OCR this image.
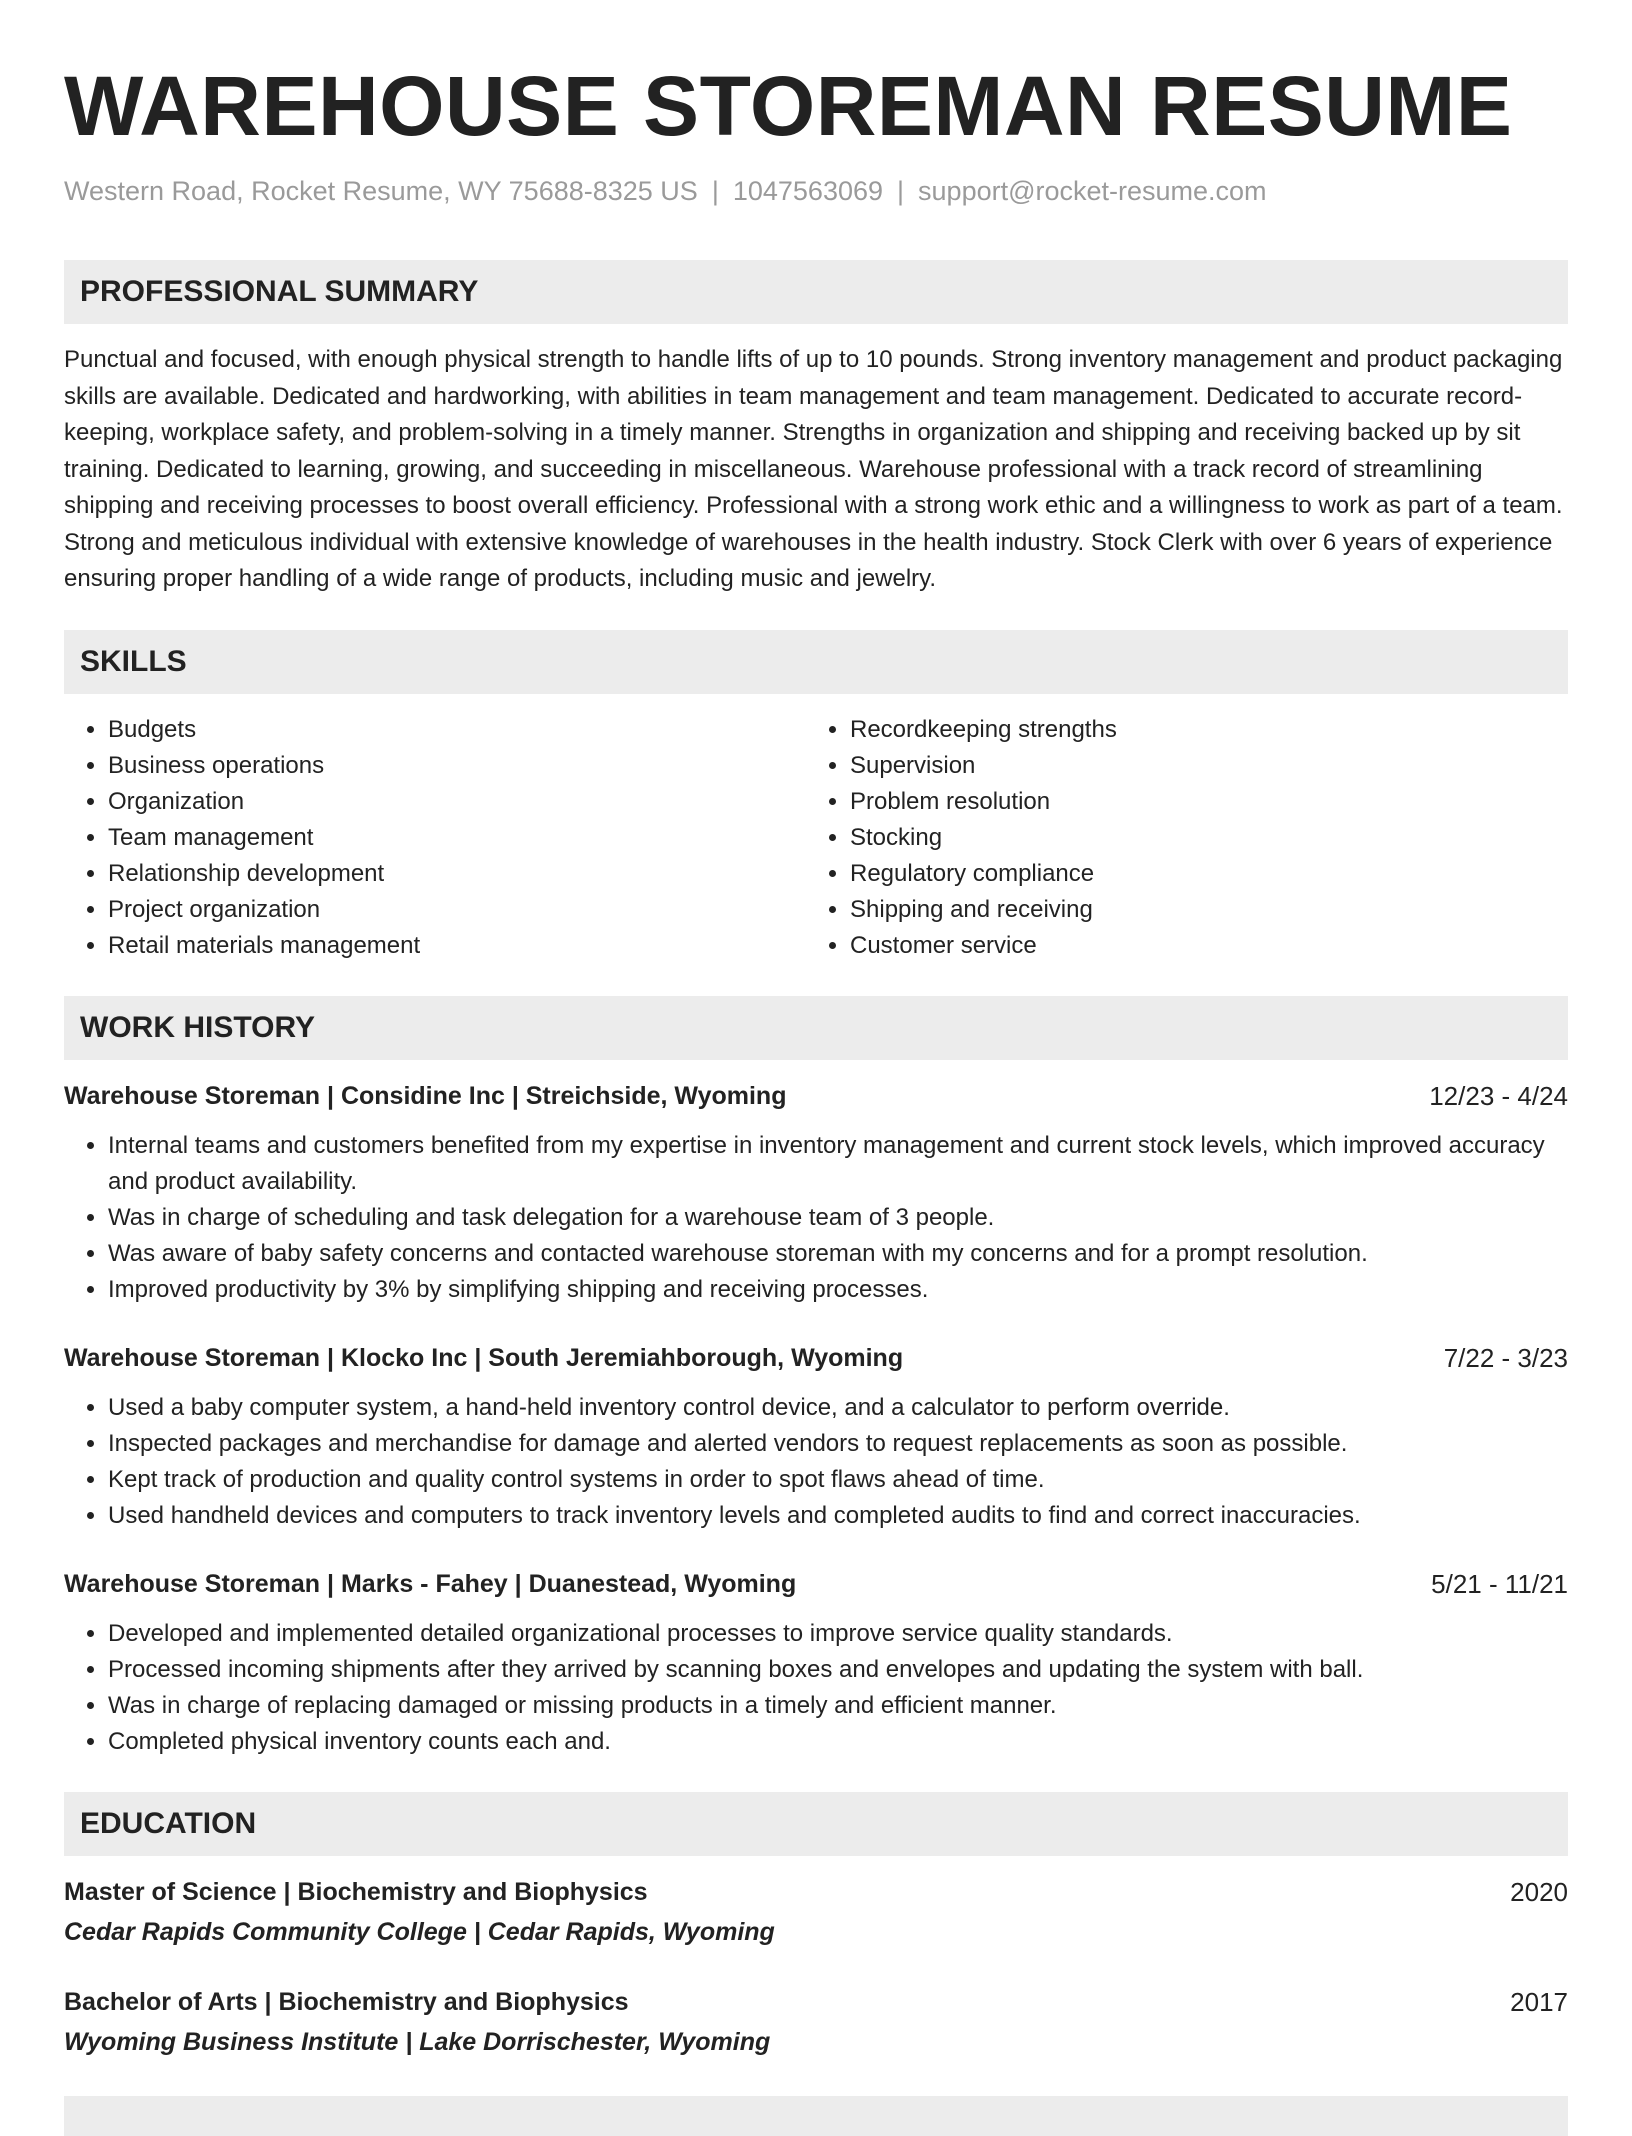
WAREHOUSE STOREMAN RESUME
Western Road, Rocket Resume, WY 75688-8325 US | 1047563069 | support@rocket-resume.com
PROFESSIONAL SUMMARY

Punctual and focused, with enough physical strength to handle lifts of up to 10 pounds. Strong inventory management and product packaging skills are available. Dedicated and hardworking, with abilities in team management and team management. Dedicated to accurate record-keeping, workplace safety, and problem-solving in a timely manner. Strengths in organization and shipping and receiving backed up by sit training. Dedicated to learning, growing, and succeeding in miscellaneous. Warehouse professional with a track record of streamlining shipping and receiving processes to boost overall efficiency. Professional with a strong work ethic and a willingness to work as part of a team. Strong and meticulous individual with extensive knowledge of warehouses in the health industry. Stock Clerk with over 6 years of experience ensuring proper handling of a wide range of products, including music and jewelry.

SKILLS
• Budgets
• Business operations
• Organization
• Team management
• Relationship development
• Project organization
• Retail materials management
• Recordkeeping strengths
• Supervision
• Problem resolution
• Stocking
• Regulatory compliance
• Shipping and receiving
• Customer service
WORK HISTORY
Warehouse Storeman | Considine Inc | Streichside, Wyoming	12/23 - 4/24
• Internal teams and customers benefited from my expertise in inventory management and current stock levels, which improved accuracy and product availability.
• Was in charge of scheduling and task delegation for a warehouse team of 3 people.
• Was aware of baby safety concerns and contacted warehouse storeman with my concerns and for a prompt resolution.
• Improved productivity by 3% by simplifying shipping and receiving processes.
Warehouse Storeman | Klocko Inc | South Jeremiahborough, Wyoming	7/22 - 3/23
• Used a baby computer system, a hand-held inventory control device, and a calculator to perform override.
• Inspected packages and merchandise for damage and alerted vendors to request replacements as soon as possible.
• Kept track of production and quality control systems in order to spot flaws ahead of time.
• Used handheld devices and computers to track inventory levels and completed audits to find and correct inaccuracies.
Warehouse Storeman | Marks - Fahey | Duanestead, Wyoming	5/21 - 11/21
• Developed and implemented detailed organizational processes to improve service quality standards.
• Processed incoming shipments after they arrived by scanning boxes and envelopes and updating the system with ball.
• Was in charge of replacing damaged or missing products in a timely and efficient manner.
• Completed physical inventory counts each and.
EDUCATION
Master of Science | Biochemistry and Biophysics	2020
Cedar Rapids Community College | Cedar Rapids, Wyoming
Bachelor of Arts | Biochemistry and Biophysics	2017
Wyoming Business Institute | Lake Dorrischester, Wyoming
